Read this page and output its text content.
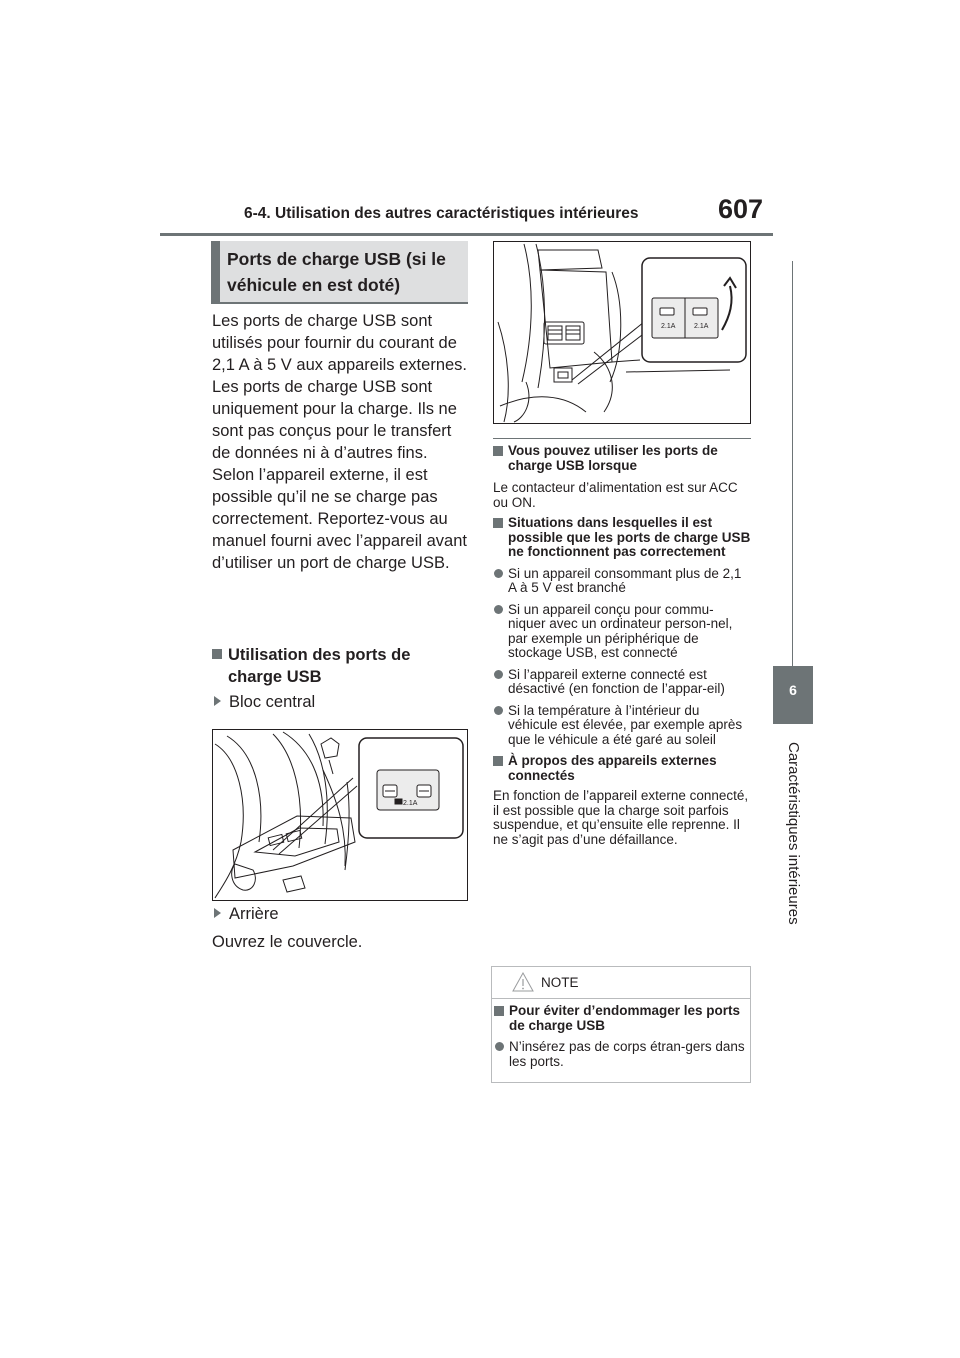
6-4. Utilisation des autres caractéristiques intérieures	607
6
Caractéristiques intérieures
Ports de charge USB (si le véhicule en est doté)

Les ports de charge USB sont utilisés pour fournir du courant de 2,1 A à 5 V aux appareils externes.

Les ports de charge USB sont uniquement pour la charge. Ils ne sont pas conçus pour le transfert de données ni à d’autres fins.

Selon l’appareil externe, il est possible qu’il ne se charge pas correctement. Reportez-vous au manuel fourni avec l’appareil avant d’utiliser un port de charge USB.

Utilisation des ports de
charge USB
Bloc central
2.1A
Arrière
Ouvrez le couvercle.
2.1A	2.1A
Vous pouvez utiliser les ports de charge USB lorsque

Le contacteur d’alimentation est sur ACC ou ON.

Situations dans lesquelles il est possible que les ports de charge USB ne fonctionnent pas correctement
Si un appareil consommant plus de 2,1 A à 5 V est branché
Si un appareil conçu pour commu-niquer avec un ordinateur person-nel, par exemple un périphérique de stockage USB, est connecté
Si l’appareil externe connecté est désactivé (en fonction de l’appar-eil)
Si la température à l’intérieur du véhicule est élevée, par exemple après que le véhicule a été garé au soleil
À propos des appareils externes connectés

En fonction de l’appareil externe connecté, il est possible que la charge soit parfois suspendue, et qu’ensuite elle reprenne. Il ne s’agit pas d’une défaillance.

NOTE
Pour éviter d’endommager les ports de charge USB
N’insérez pas de corps étran-gers dans les ports.
